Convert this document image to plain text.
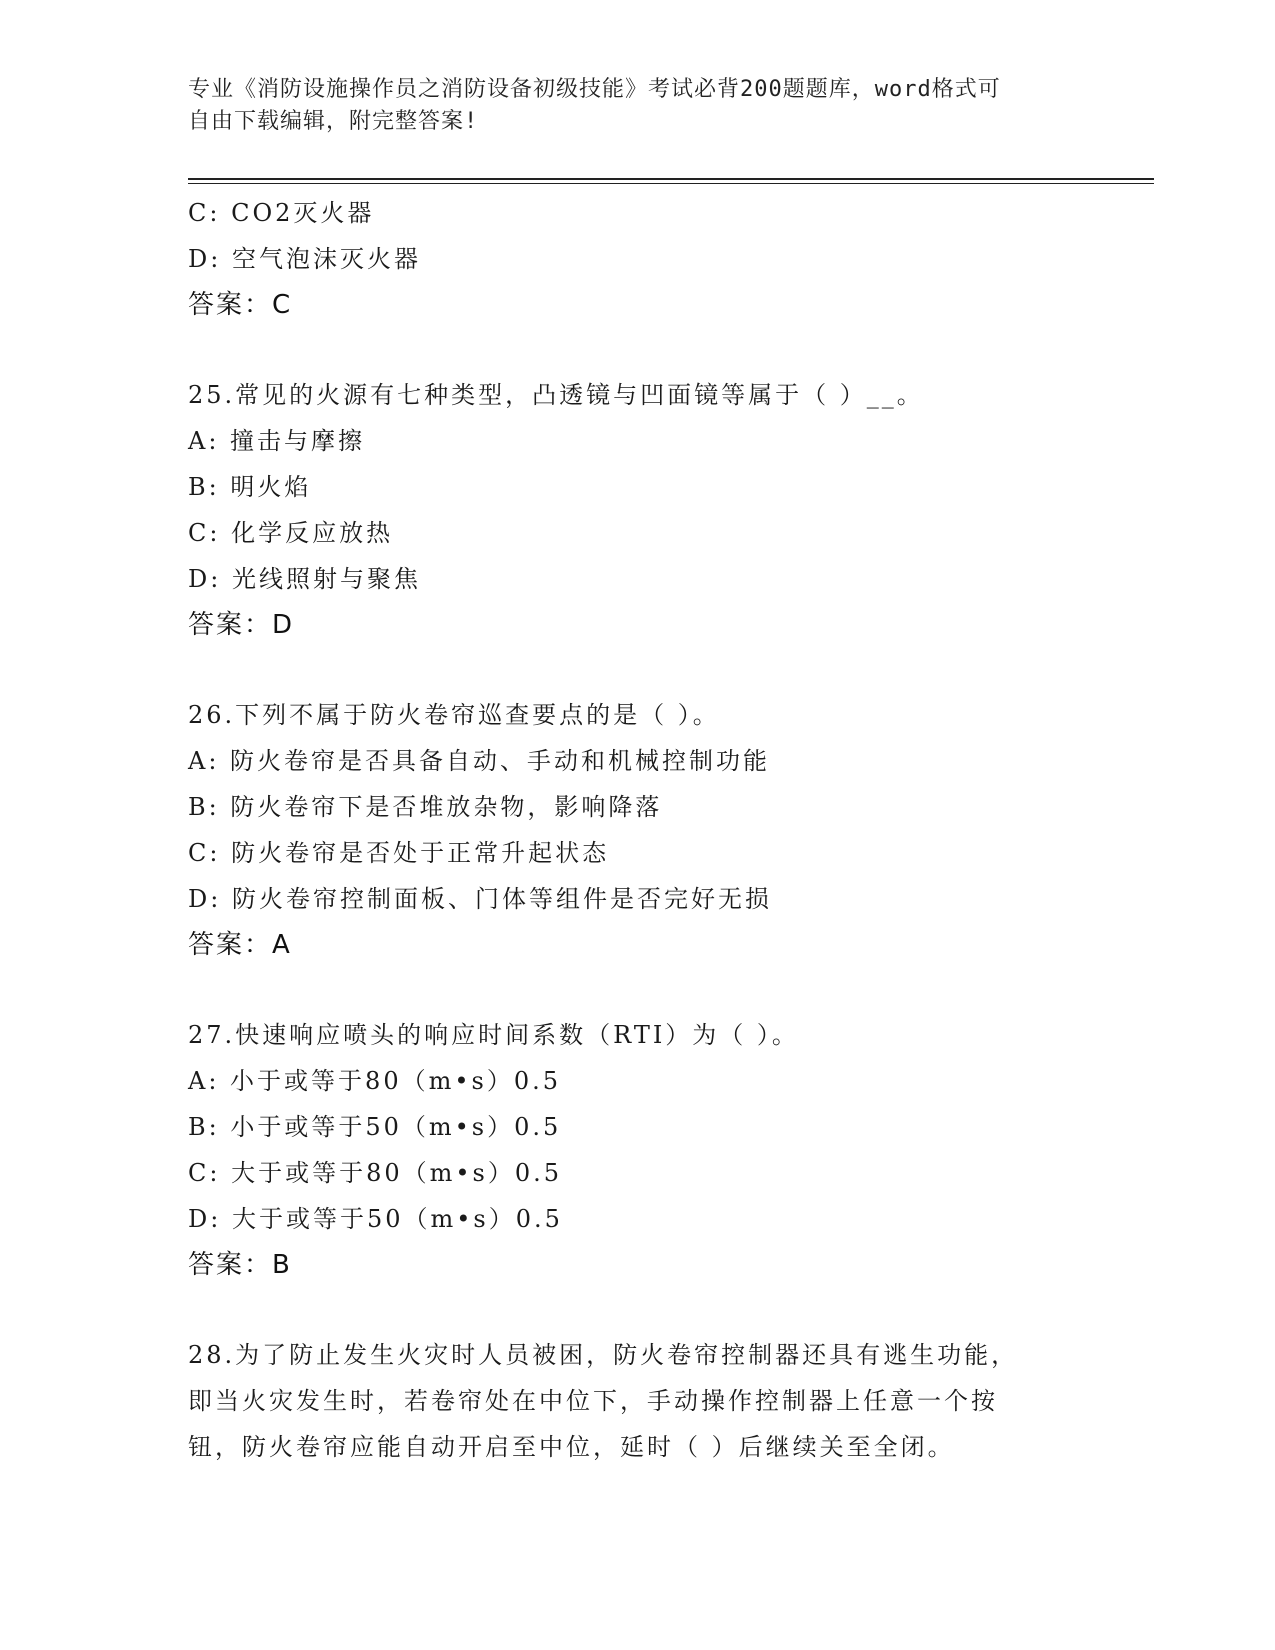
专业《消防设施操作员之消防设备初级技能》考试必背200题题库，word格式可
自由下载编辑，附完整答案!
C: CO2灭火器
D: 空气泡沫灭火器
答案：C
25.常见的火源有七种类型，凸透镜与凹面镜等属于（ ）__。
A: 撞击与摩擦
B: 明火焰
C: 化学反应放热
D: 光线照射与聚焦
答案：D
26.下列不属于防火卷帘巡查要点的是（ ）。
A: 防火卷帘是否具备自动、手动和机械控制功能
B: 防火卷帘下是否堆放杂物，影响降落
C: 防火卷帘是否处于正常升起状态
D: 防火卷帘控制面板、门体等组件是否完好无损
答案：A
27.快速响应喷头的响应时间系数（RTI）为（ ）。
A: 小于或等于80（m•s）0.5
B: 小于或等于50（m•s）0.5
C: 大于或等于80（m•s）0.5
D: 大于或等于50（m•s）0.5
答案：B
28.为了防止发生火灾时人员被困，防火卷帘控制器还具有逃生功能，
即当火灾发生时，若卷帘处在中位下，手动操作控制器上任意一个按
钮，防火卷帘应能自动开启至中位，延时（ ）后继续关至全闭。
